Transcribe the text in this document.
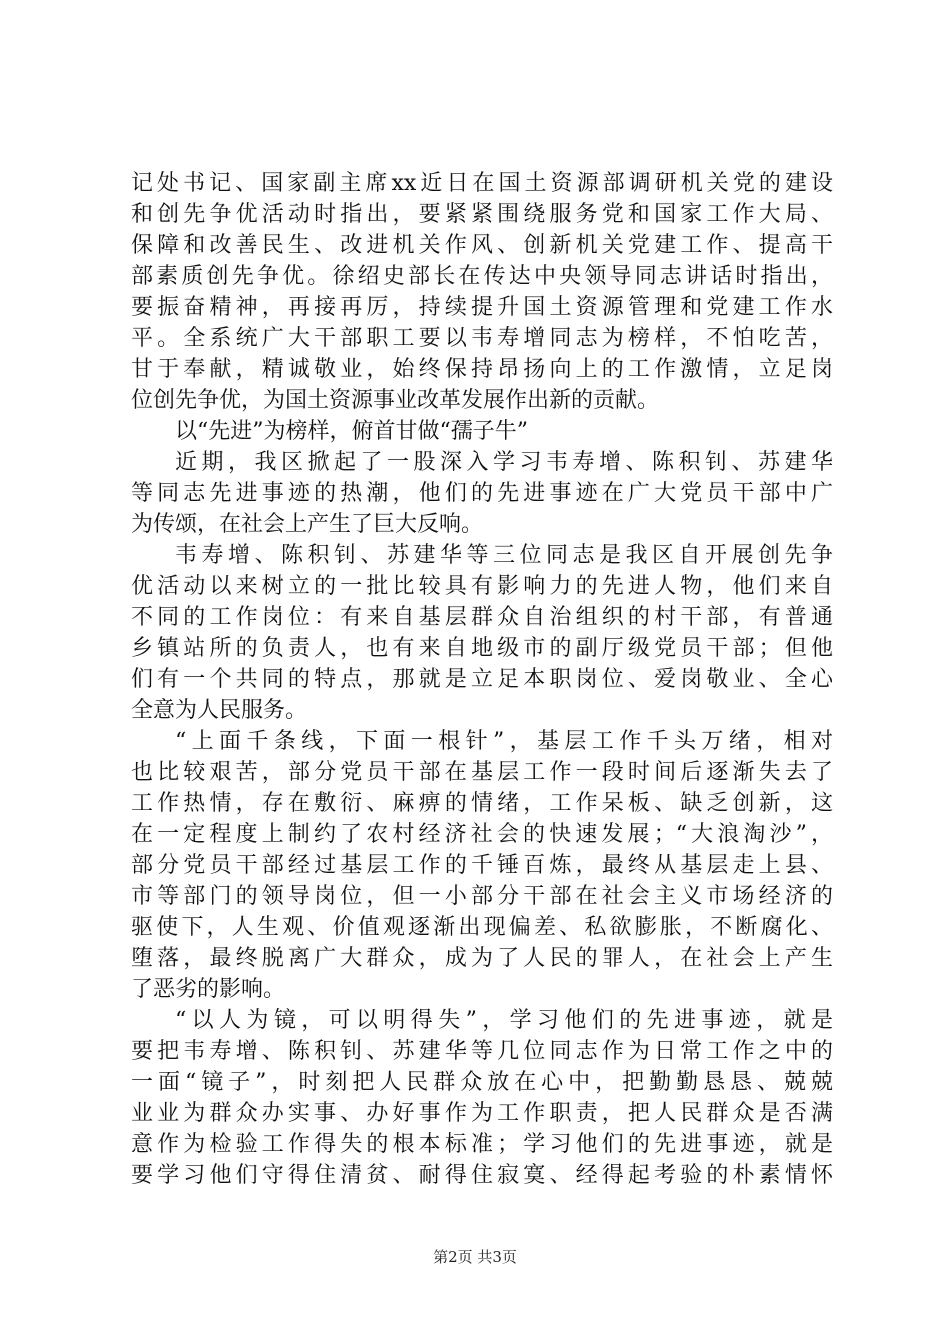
记处书记、国家副主席xx近日在国土资源部调研机关党的建设
和创先争优活动时指出，要紧紧围绕服务党和国家工作大局、
保障和改善民生、改进机关作风、创新机关党建工作、提高干
部素质创先争优。徐绍史部长在传达中央领导同志讲话时指出，
要振奋精神，再接再厉，持续提升国土资源管理和党建工作水
平。全系统广大干部职工要以韦寿增同志为榜样，不怕吃苦，
甘于奉献，精诚敬业，始终保持昂扬向上的工作激情，立足岗
位创先争优，为国土资源事业改革发展作出新的贡献。
以“先进”为榜样，俯首甘做“孺子牛”
近期，我区掀起了一股深入学习韦寿增、陈积钊、苏建华
等同志先进事迹的热潮，他们的先进事迹在广大党员干部中广
为传颂，在社会上产生了巨大反响。
韦寿增、陈积钊、苏建华等三位同志是我区自开展创先争
优活动以来树立的一批比较具有影响力的先进人物，他们来自
不同的工作岗位：有来自基层群众自治组织的村干部，有普通
乡镇站所的负责人，也有来自地级市的副厅级党员干部；但他
们有一个共同的特点，那就是立足本职岗位、爱岗敬业、全心
全意为人民服务。
“上面千条线，下面一根针”，基层工作千头万绪，相对
也比较艰苦，部分党员干部在基层工作一段时间后逐渐失去了
工作热情，存在敷衍、麻痹的情绪，工作呆板、缺乏创新，这
在一定程度上制约了农村经济社会的快速发展；“大浪淘沙”，
部分党员干部经过基层工作的千锤百炼，最终从基层走上县、
市等部门的领导岗位，但一小部分干部在社会主义市场经济的
驱使下，人生观、价值观逐渐出现偏差、私欲膨胀，不断腐化、
堕落，最终脱离广大群众，成为了人民的罪人，在社会上产生
了恶劣的影响。
“以人为镜，可以明得失”，学习他们的先进事迹，就是
要把韦寿增、陈积钊、苏建华等几位同志作为日常工作之中的
一面“镜子”，时刻把人民群众放在心中，把勤勤恳恳、兢兢
业业为群众办实事、办好事作为工作职责，把人民群众是否满
意作为检验工作得失的根本标准；学习他们的先进事迹，就是
要学习他们守得住清贫、耐得住寂寞、经得起考验的朴素情怀
第2页 共3页
